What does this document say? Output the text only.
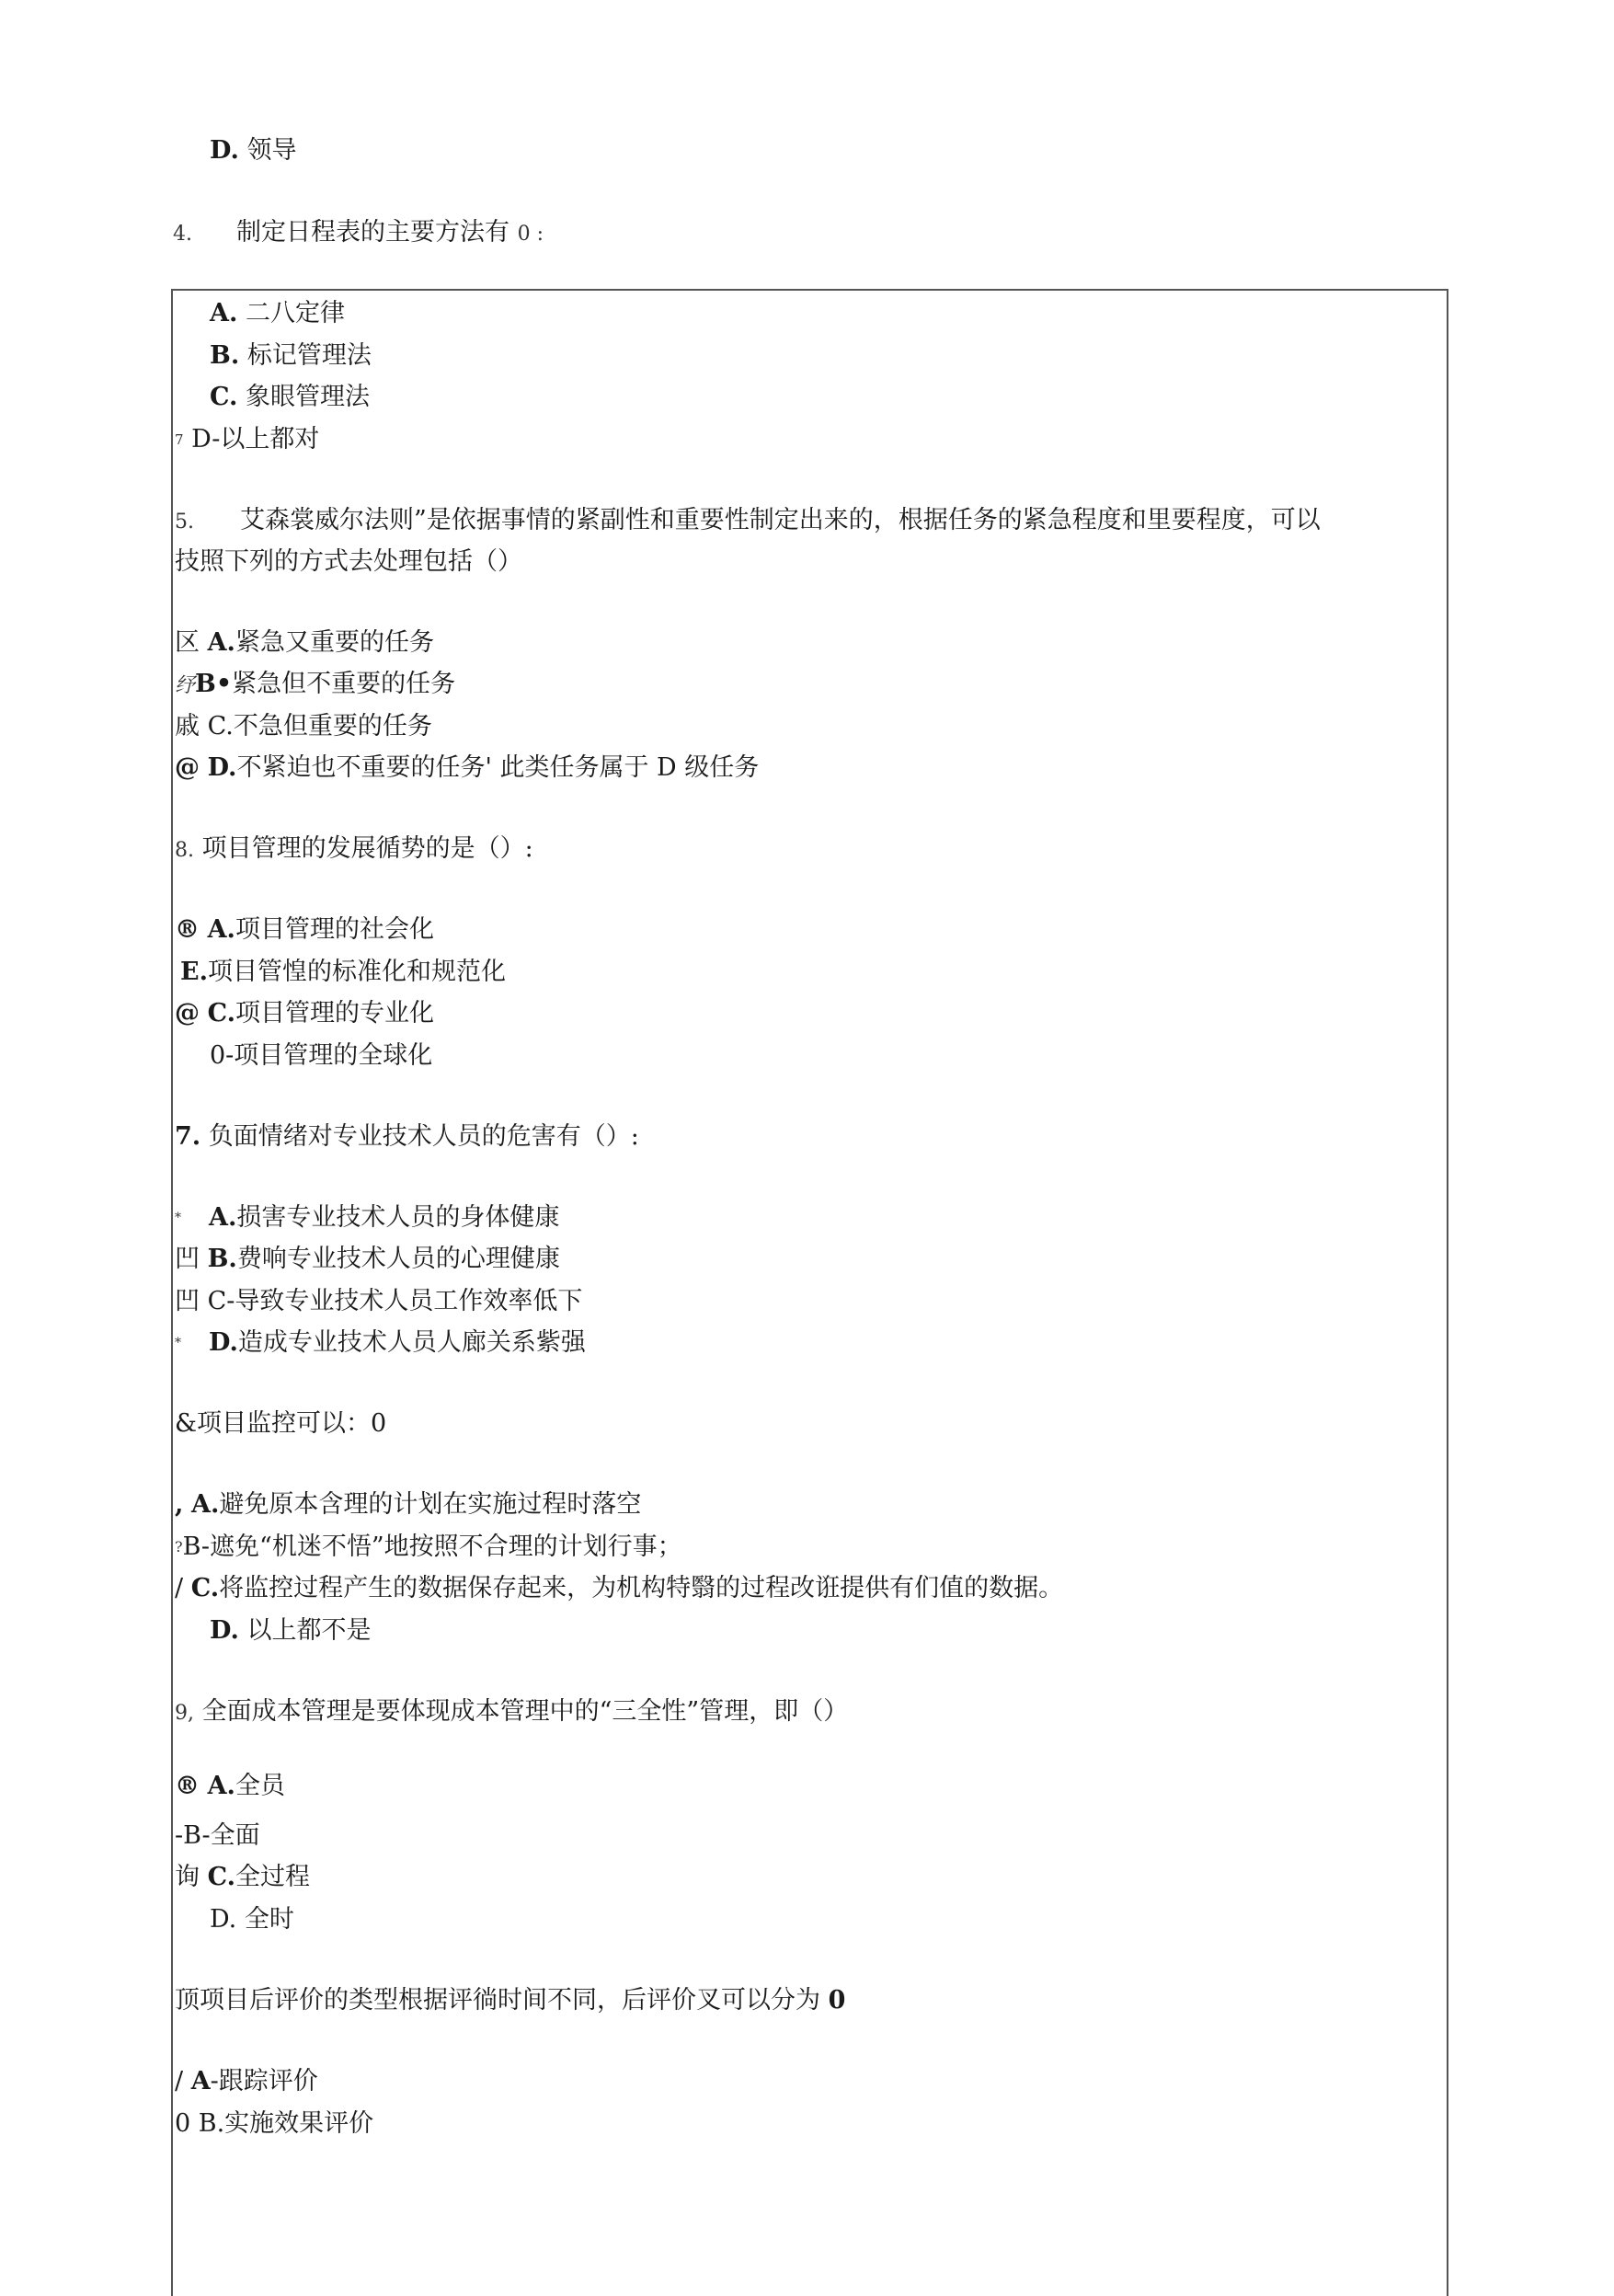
D. 领导
4. 制定日程表的主要方法有 0 :
A. 二八定律
B. 标记管理法
C. 象眼管理法
$^7$ D-以上都对
5. 艾森裳威尔法则”是依据事情的紧副性和重要性制定出来的，根据任务的紧急程度和里要程度，可以
技照下列的方式去处理包括（）
区 A.紧急又重要的任务
纾B•紧急但不重要的任务
戚 C.不急但重要的任务
@ D.不紧迫也不重要的任务' 此类任务属于 D 级任务
8. 项目管理的发展循势的是（）:
® A.项目管理的社会化
E.项目管惶的标准化和规范化
@ C.项目管理的专业化
0-项目管理的全球化
7. 负面情绪对专业技术人员的危害有（）:
* A.损害专业技术人员的身体健康
凹 B.费响专业技术人员的心理健康
凹 C-导致专业技术人员工作效率低下
* D.造成专业技术人员人廊关系紫强
&项目监控可以：0
, A.避免原本含理的计划在实施过程时落空
?B-遮免“机迷不悟”地按照不合理的计划行事；
/ C.将监控过程产生的数据保存起来，为机构特翳的过程改诳提供有们值的数据。
D. 以上都不是
9, 全面成本管理是要体现成本管理中的“三全性”管理，即（）
® A.全员
-B-全面
询 C.全过程
D. 全时
顶项目后评价的类型根据评徜时间不同，后评价叉可以分为 0
/ A-跟踪评价
0 B.实施效果评价
